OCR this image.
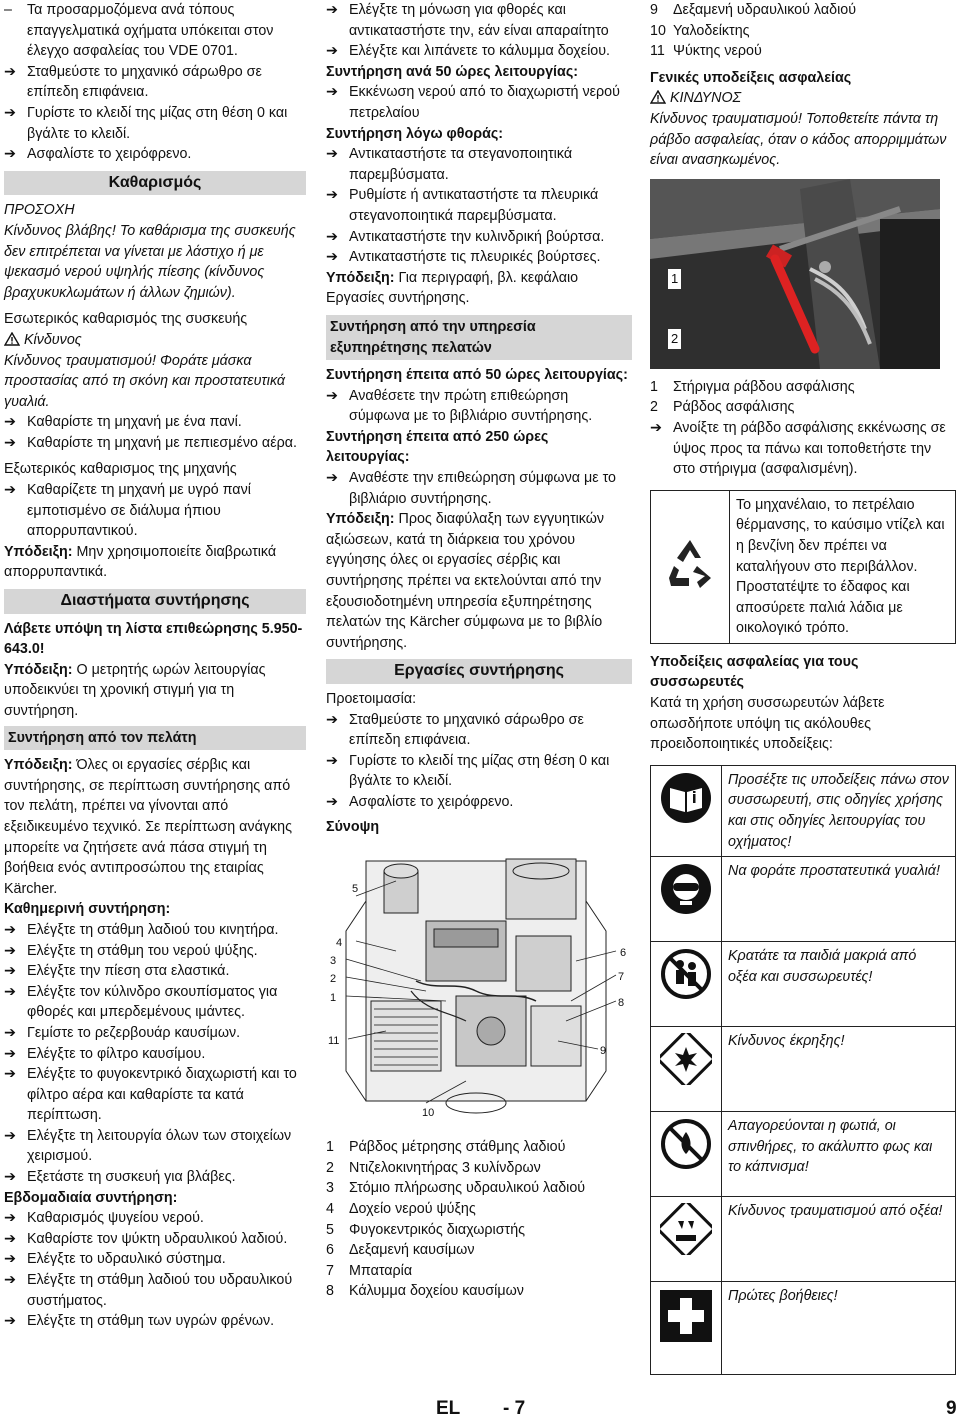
–	Τα προσαρμοζόμενα ανά τόπους επαγγελματικά οχήματα υπόκειται στον έλεγχο ασφαλείας του VDE 0701.
➔ Σταθμεύστε το μηχανικό σάρωθρο σε επίπεδη επιφάνεια.
➔ Γυρίστε το κλειδί της μίζας στη θέση 0 και βγάλτε το κλειδί.
➔ Ασφαλίστε το χειρόφρενο.
Καθαρισμός

ΠΡΟΣΟΧΗ

Κίνδυνος βλάβης! Το καθάρισμα της συσκευής δεν επιτρέπεται να γίνεται με λάστιχο ή με ψεκασμό νερού υψηλής πίεσης (κίνδυνος βραχυκυκλωμάτων ή άλλων ζημιών).

Εσωτερικός καθαρισμός της συσκευής

Κίνδυνος

Κίνδυνος τραυματισμού! Φοράτε μάσκα προστασίας από τη σκόνη και προστατευτικά γυαλιά.

➔ Καθαρίστε τη μηχανή με ένα πανί.
➔ Καθαρίστε τη μηχανή με πεπιεσμένο αέρα.

Εξωτερικός καθαρισμος της μηχανής

➔ Καθαρίζετε τη μηχανή με υγρό πανί εμποτισμένο σε διάλυμα ήπιου απορρυπαντικού.

Υπόδειξη: Μην χρησιμοποιείτε διαβρωτικά απορρυπαντικά.

Διαστήματα συντήρησης

Λάβετε υπόψη τη λίστα επιθεώρησης 5.950-643.0!

Υπόδειξη: Ο μετρητής ωρών λειτουργίας υποδεικνύει τη χρονική στιγμή για τη συντήρηση.

Συντήρηση από τον πελάτη

Υπόδειξη: Όλες οι εργασίες σέρβις και συντήρησης, σε περίπτωση συντήρησης από τον πελάτη, πρέπει να γίνονται από εξειδικευμένο τεχνικό. Σε περίπτωση ανάγκης μπορείτε να ζητήσετε ανά πάσα στιγμή τη βοήθεια ενός αντιπροσώπου της εταιρίας Kärcher.

Καθημερινή συντήρηση:

➔ Ελέγξτε τη στάθμη λαδιού του κινητήρα.
➔ Ελέγξτε τη στάθμη του νερού ψύξης.
➔ Ελέγξτε την πίεση στα ελαστικά.
➔ Ελέγξτε τον κύλινδρο σκουπίσματος για φθορές και μπερδεμένους ιμάντες.
➔ Γεμίστε το ρεζερβουάρ καυσίμων.
➔ Ελέγξτε το φίλτρο καυσίμου.
➔ Ελέγξτε το φυγοκεντρικό διαχωριστή και το φίλτρο αέρα και καθαρίστε τα κατά περίπτωση.
➔ Ελέγξτε τη λειτουργία όλων των στοιχείων χειρισμού.
➔ Εξετάστε τη συσκευή για βλάβες.

Εβδομαδιαία συντήρηση:

➔ Καθαρισμός ψυγείου νερού.
➔ Καθαρίστε τον ψύκτη υδραυλικού λαδιού.
➔ Ελέγξτε το υδραυλικό σύστημα.
➔ Ελέγξτε τη στάθμη λαδιού του υδραυλικού συστήματος.
➔ Ελέγξτε τη στάθμη των υγρών φρένων.
➔ Ελέγξτε τη μόνωση για φθορές και αντικαταστήστε την, εάν είναι απαραίτητο
➔ Ελέγξτε και λιπάνετε το κάλυμμα δοχείου.

Συντήρηση ανά 50 ώρες λειτουργίας:

➔ Εκκένωση νερού από το διαχωριστή νερού πετρελαίου

Συντήρηση λόγω φθοράς:

➔ Αντικαταστήστε τα στεγανοποιητικά παρεμβύσματα.
➔ Ρυθμίστε ή αντικαταστήστε τα πλευρικά στεγανοποιητικά παρεμβύσματα.
➔ Αντικαταστήστε την κυλινδρική βούρτσα.
➔ Αντικαταστήστε τις πλευρικές βούρτσες.

Υπόδειξη: Για περιγραφή, βλ. κεφάλαιο Εργασίες συντήρησης.

Συντήρηση από την υπηρεσία εξυπηρέτησης πελατών

Συντήρηση έπειτα από 50 ώρες λειτουργίας:

➔ Αναθέσετε την πρώτη επιθεώρηση σύμφωνα με το βιβλιάριο συντήρησης.

Συντήρηση έπειτα από 250 ώρες λειτουργίας:

➔ Αναθέστε την επιθεώρηση σύμφωνα με το βιβλιάριο συντήρησης.

Υπόδειξη: Προς διαφύλαξη των εγγυητικών αξιώσεων, κατά τη διάρκεια του χρόνου εγγύησης όλες οι εργασίες σέρβις και συντήρησης πρέπει να εκτελούνται από την εξουσιοδοτημένη υπηρεσία εξυπηρέτησης πελατών της Kärcher σύμφωνα με το βιβλίο συντήρησης.

Εργασίες συντήρησης

Προετοιμασία:

➔ Σταθμεύστε το μηχανικό σάρωθρο σε επίπεδη επιφάνεια.
➔ Γυρίστε το κλειδί της μίζας στη θέση 0 και βγάλτε το κλειδί.
➔ Ασφαλίστε το χειρόφρενο.

Σύνοψη

5
4
3
2
1
11
6
7
8
9
10
1	Ράβδος μέτρησης στάθμης λαδιού
2	Ντιζελοκινητήρας 3 κυλίνδρων
3	Στόμιο πλήρωσης υδραυλικού λαδιού
4	Δοχείο νερού ψύξης
5	Φυγοκεντρικός διαχωριστής
6	Δεξαμενή καυσίμων
7	Μπαταρία
8	Κάλυμμα δοχείου καυσίμων
9	Δεξαμενή υδραυλικού λαδιού
10 Υαλοδείκτης
11 Ψύκτης νερού

Γενικές υποδείξεις ασφαλείας

ΚΙΝΔΥΝΟΣ

Κίνδυνος τραυματισμού! Τοποθετείτε πάντα τη ράβδο ασφαλείας, όταν ο κάδος απορριμμάτων είναι ανασηκωμένος.

1
2
1	Στήριγμα ράβδου ασφάλισης
2	Ράβδος ασφάλισης
➔ Ανοίξτε τη ράβδο ασφάλισης εκκένωσης σε ύψος προς τα πάνω και τοποθετήστε την στο στήριγμα (ασφαλισμένη).
	Το μηχανέλαιο, το πετρέλαιο θέρμανσης, το καύσιμο ντίζελ και η βενζίνη δεν πρέπει να καταλήγουν στο περιβάλλον. Προστατέψτε το έδαφος και αποσύρετε παλιά λάδια με οικολογικό τρόπο.

Υποδείξεις ασφαλείας για τους συσσωρευτές

Κατά τη χρήση συσσωρευτών λάβετε οπωσδήποτε υπόψη τις ακόλουθες προειδοποιητικές υποδείξεις:

	Προσέξτε τις υποδείξεις πάνω στον συσσωρευτή, στις οδηγίες χρήσης και στις οδηγίες λειτουργίας του οχήματος!
	Να φοράτε προστατευτικά γυαλιά!
	Κρατάτε τα παιδιά μακριά από οξέα και συσσωρευτές!
	Κίνδυνος έκρηξης!
	Απαγορεύονται η φωτιά, οι σπινθήρες, το ακάλυπτο φως και το κάπνισμα!
	Κίνδυνος τραυματισμού από οξέα!
	Πρώτες βοήθειες!
EL - 7	9
